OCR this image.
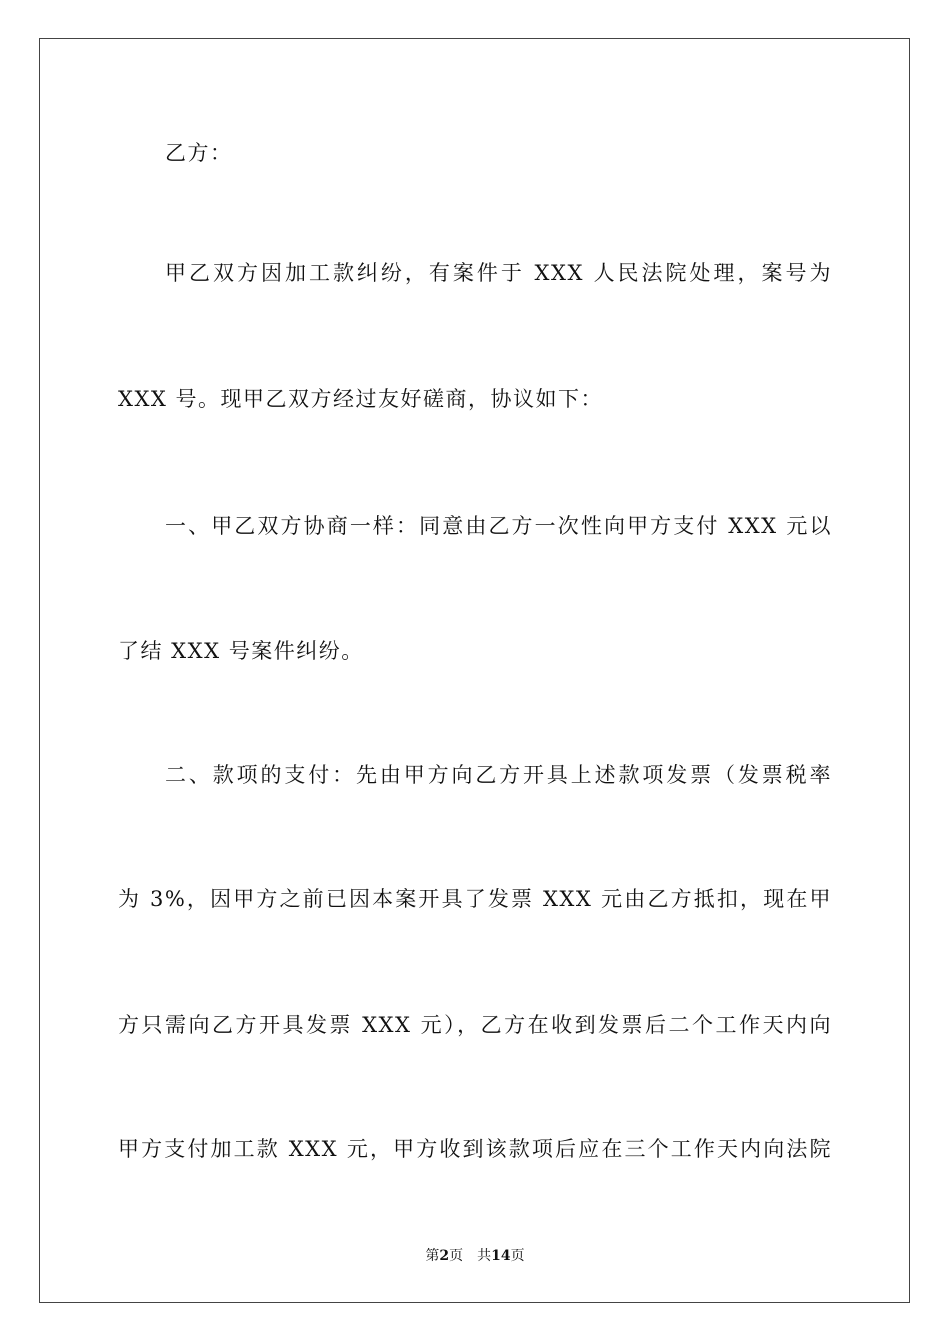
乙方：
甲乙双方因加工款纠纷，有案件于 XXX 人民法院处理，案号为
XXX 号。现甲乙双方经过友好磋商，协议如下：
一、甲乙双方协商一样：同意由乙方一次性向甲方支付 XXX 元以
了结 XXX 号案件纠纷。
二、款项的支付：先由甲方向乙方开具上述款项发票（发票税率
为 3%，因甲方之前已因本案开具了发票 XXX 元由乙方抵扣，现在甲
方只需向乙方开具发票 XXX 元），乙方在收到发票后二个工作天内向
甲方支付加工款 XXX 元，甲方收到该款项后应在三个工作天内向法院
第2页 共14页
